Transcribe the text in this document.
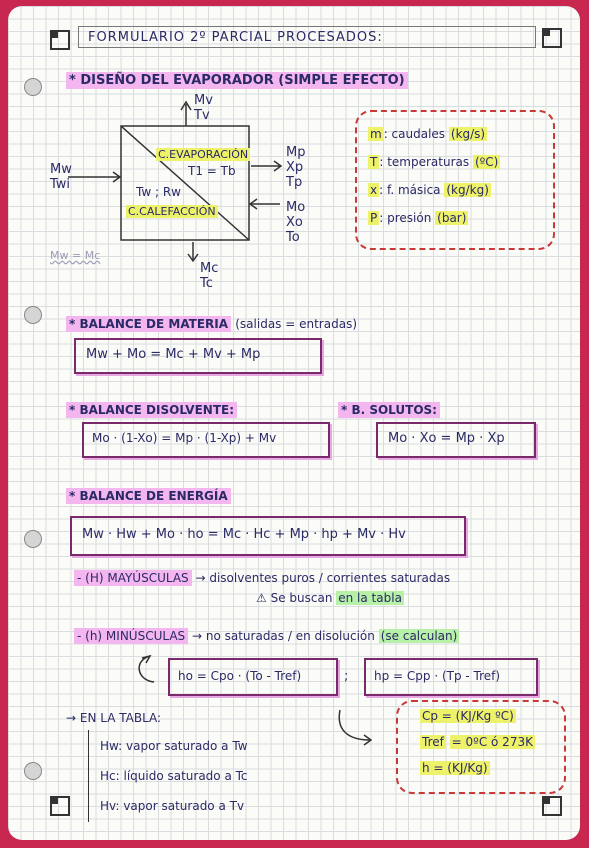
FORMULARIO 2º PARCIAL PROCESADOS:
* DISEÑO DEL EVAPORADOR (SIMPLE EFECTO)
Mv
Tv
Mw
Twi
C.EVAPORACIÓN
T1 = Tb
Tw ; Rw
C.CALEFACCIÓN
Mp
Xp
Tp
Mo
Xo
To
Mc
Tc
Mw = Mc
m : caudales (kg/s)
T : temperaturas (ºC)
x : f. másica (kg/kg)
P : presión (bar)
* BALANCE DE MATERIA (salidas = entradas)
Mw + Mo = Mc + Mv + Mp
* BALANCE DISOLVENTE:
Mo · (1-Xo) = Mp · (1-Xp) + Mv
* B. SOLUTOS:
Mo · Xo = Mp · Xp
* BALANCE DE ENERGÍA
Mw · Hw + Mo · ho = Mc · Hc + Mp · hp + Mv · Hv
- (H) MAYÚSCULAS → disolventes puros / corrientes saturadas
⚠ Se buscan en la tabla
- (h) MINÚSCULAS → no saturadas / en disolución (se calculan)
ho = Cpo · (To - Tref)	; hp = Cpp · (Tp - Tref)
Cp = (KJ/Kg ºC)
Tref = 0ºC ó 273K
h = (KJ/Kg)
→ EN LA TABLA:
Hw: vapor saturado a Tw
Hc: líquido saturado a Tc
Hv: vapor saturado a Tv
